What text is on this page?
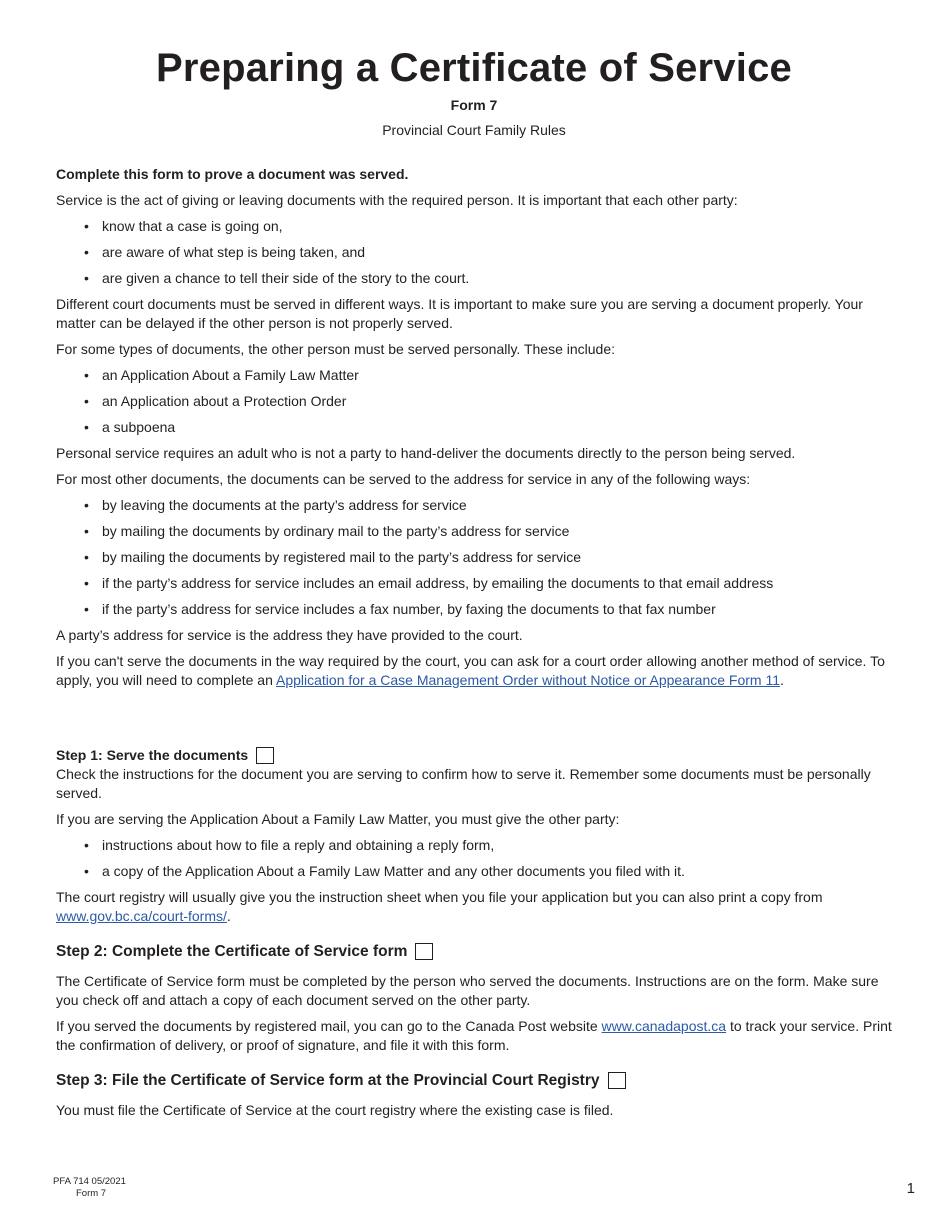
Preparing a Certificate of Service
Form 7
Provincial Court Family Rules

Complete this form to prove a document was served.

Service is the act of giving or leaving documents with the required person. It is important that each other party:

• know that a case is going on,
• are aware of what step is being taken, and
• are given a chance to tell their side of the story to the court.

Different court documents must be served in different ways. It is important to make sure you are serving a document properly. Your matter can be delayed if the other person is not properly served.

For some types of documents, the other person must be served personally. These include:

• an Application About a Family Law Matter
• an Application about a Protection Order
• a subpoena

Personal service requires an adult who is not a party to hand-deliver the documents directly to the person being served.

For most other documents, the documents can be served to the address for service in any of the following ways:

• by leaving the documents at the party’s address for service
• by mailing the documents by ordinary mail to the party’s address for service
• by mailing the documents by registered mail to the party’s address for service
• if the party’s address for service includes an email address, by emailing the documents to that email address
• if the party’s address for service includes a fax number, by faxing the documents to that fax number

A party’s address for service is the address they have provided to the court.

If you can't serve the documents in the way required by the court, you can ask for a court order allowing another method of service. To apply, you will need to complete an Application for a Case Management Order without Notice or Appearance Form 11.

Step 1: Serve the documents

Check the instructions for the document you are serving to confirm how to serve it. Remember some documents must be personally served.

If you are serving the Application About a Family Law Matter, you must give the other party:

• instructions about how to file a reply and obtaining a reply form,
• a copy of the Application About a Family Law Matter and any other documents you filed with it.

The court registry will usually give you the instruction sheet when you file your application but you can also print a copy from www.gov.bc.ca/court-forms/.

Step 2: Complete the Certificate of Service form

The Certificate of Service form must be completed by the person who served the documents. Instructions are on the form. Make sure you check off and attach a copy of each document served on the other party.

If you served the documents by registered mail, you can go to the Canada Post website www.canadapost.ca to track your service. Print the confirmation of delivery, or proof of signature, and file it with this form.

Step 3: File the Certificate of Service form at the Provincial Court Registry

You must file the Certificate of Service at the court registry where the existing case is filed.

PFA 714 05/2021
Form 7	1
